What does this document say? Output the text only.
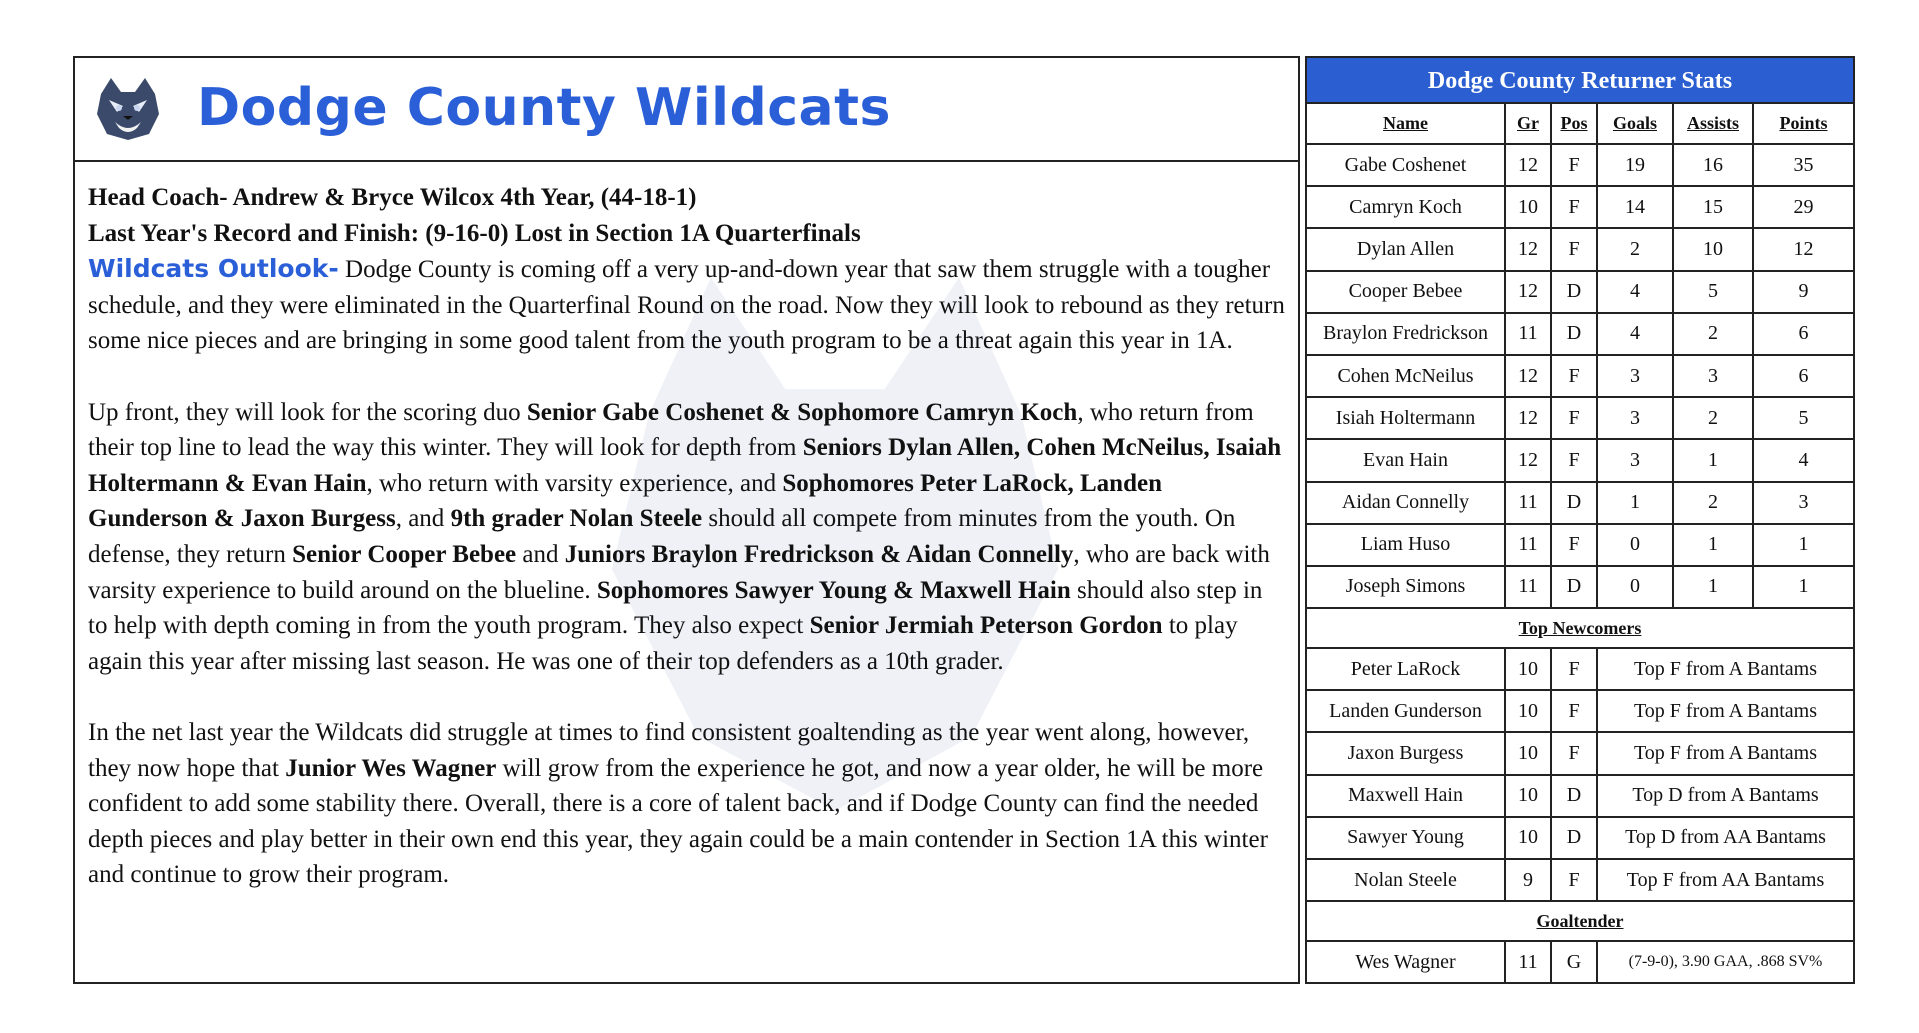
Dodge County Wildcats
Head Coach- Andrew & Bryce Wilcox 4th Year, (44-18-1)
Last Year's Record and Finish: (9-16-0) Lost in Section 1A Quarterfinals
Wildcats Outlook- Dodge County is coming off a very up-and-down year that saw them struggle with a tougher schedule, and they were eliminated in the Quarterfinal Round on the road. Now they will look to rebound as they return some nice pieces and are bringing in some good talent from the youth program to be a threat again this year in 1A.
Up front, they will look for the scoring duo Senior Gabe Coshenet & Sophomore Camryn Koch, who return from their top line to lead the way this winter. They will look for depth from Seniors Dylan Allen, Cohen McNeilus, Isaiah Holtermann & Evan Hain, who return with varsity experience, and Sophomores Peter LaRock, Landen Gunderson & Jaxon Burgess, and 9th grader Nolan Steele should all compete from minutes from the youth. On defense, they return Senior Cooper Bebee and Juniors Braylon Fredrickson & Aidan Connelly, who are back with varsity experience to build around on the blueline. Sophomores Sawyer Young & Maxwell Hain should also step in to help with depth coming in from the youth program. They also expect Senior Jermiah Peterson Gordon to play again this year after missing last season. He was one of their top defenders as a 10th grader.
In the net last year the Wildcats did struggle at times to find consistent goaltending as the year went along, however, they now hope that Junior Wes Wagner will grow from the experience he got, and now a year older, he will be more confident to add some stability there. Overall, there is a core of talent back, and if Dodge County can find the needed depth pieces and play better in their own end this year, they again could be a main contender in Section 1A this winter and continue to grow their program.
Dodge County Returner Stats
Name	Gr	Pos	Goals	Assists	Points
Gabe Coshenet	12	F	19	16	35
Camryn Koch	10	F	14	15	29
Dylan Allen	12	F	2	10	12
Cooper Bebee	12	D	4	5	9
Braylon Fredrickson	11	D	4	2	6
Cohen McNeilus	12	F	3	3	6
Isiah Holtermann	12	F	3	2	5
Evan Hain	12	F	3	1	4
Aidan Connelly	11	D	1	2	3
Liam Huso	11	F	0	1	1
Joseph Simons	11	D	0	1	1
Top Newcomers					
Peter LaRock	10	F	Top F from A Bantams		
Landen Gunderson	10	F	Top F from A Bantams		
Jaxon Burgess	10	F	Top F from A Bantams		
Maxwell Hain	10	D	Top D from A Bantams		
Sawyer Young	10	D	Top D from AA Bantams		
Nolan Steele	9	F	Top F from AA Bantams		
Goaltender					
Wes Wagner	11	G	(7-9-0), 3.90 GAA, .868 SV%		
